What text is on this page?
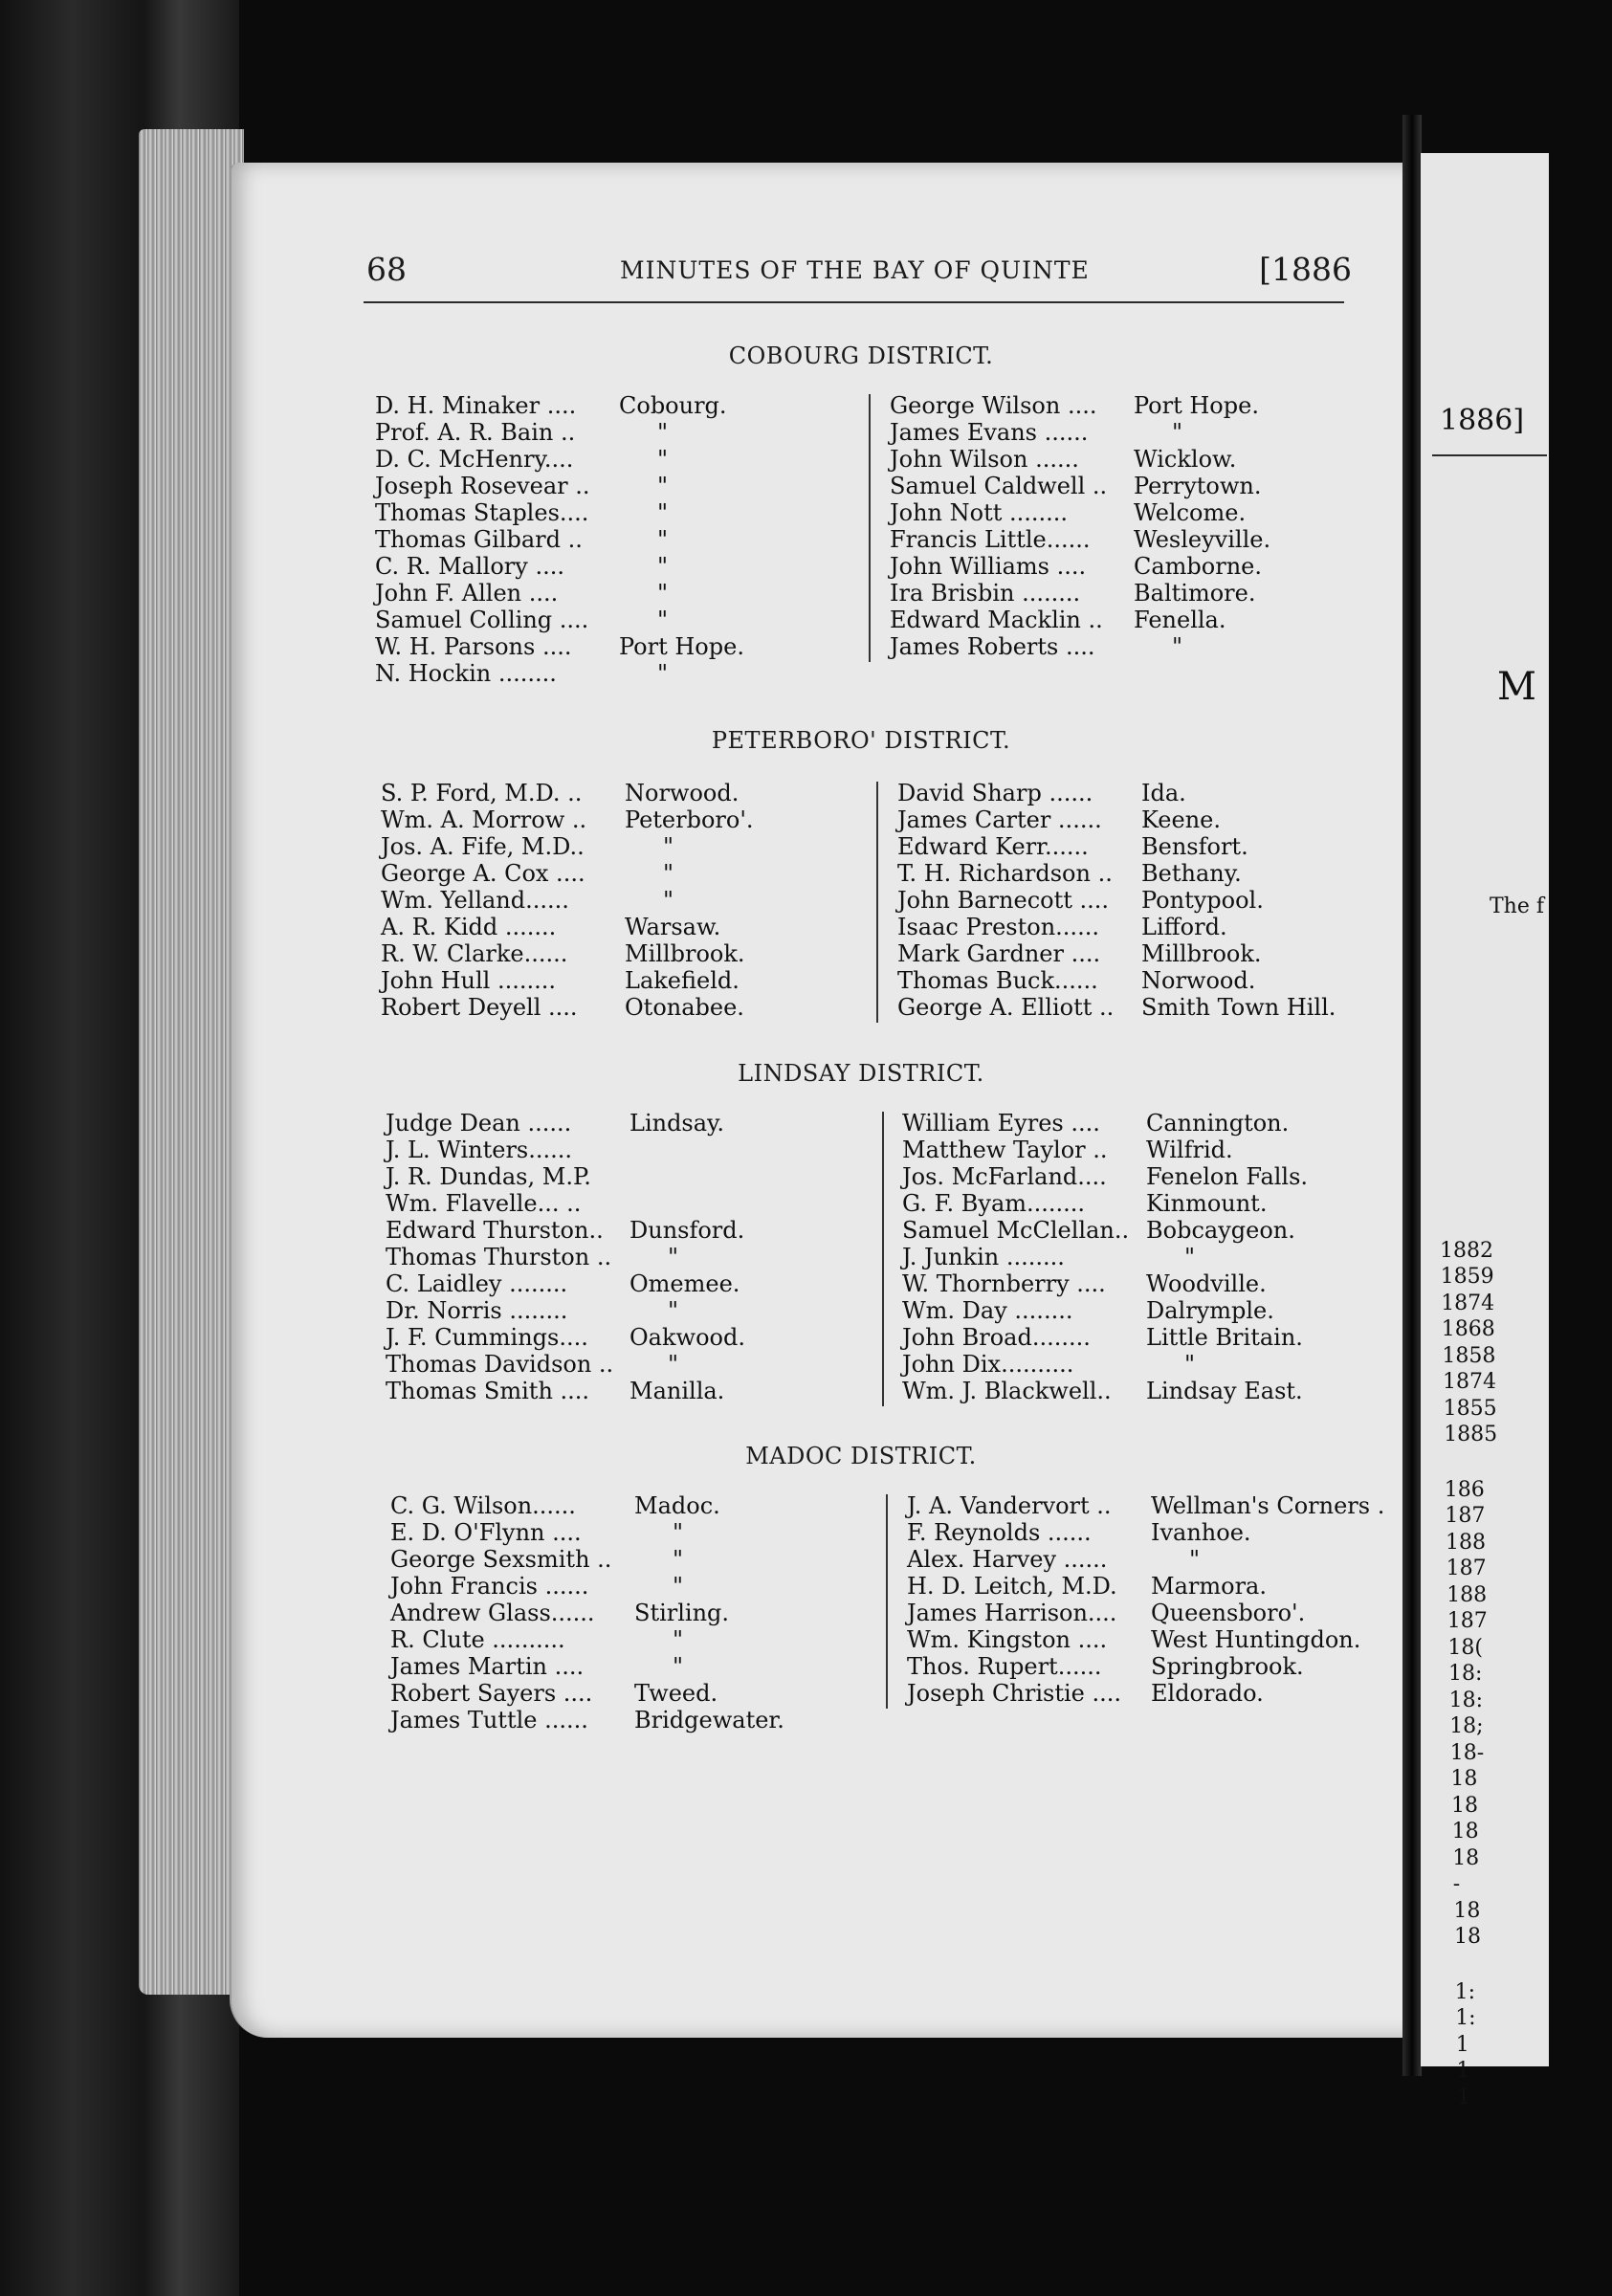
1886]
M
The f
1882
1859
1874
1868
1858
1874
1855
1885
186
187
188
187
188
187
18(
18:
18:
18;
18-
18
18
18
18
-
18
18
1:
1:
1
1
1
68	MINUTES OF THE BAY OF QUINTE	[1886
COBOURG DISTRICT.
D. H. Minaker .... Cobourg.
Prof. A. R. Bain ..	"
D. C. McHenry....	"
Joseph Rosevear ..	"
Thomas Staples....	"
Thomas Gilbard ..	"
C. R. Mallory ....	"
John F. Allen ....	"
Samuel Colling ....	"
W. H. Parsons .... Port Hope.
N. Hockin ........	"
George Wilson .... Port Hope.
James Evans ......	"
John Wilson ...... Wicklow.
Samuel Caldwell .. Perrytown.
John Nott ........	Welcome.
Francis Little...... Wesleyville.
John Williams .... Camborne.
Ira Brisbin ........ Baltimore.
Edward Macklin .. Fenella.
James Roberts ....	"
PETERBORO' DISTRICT.
S. P. Ford, M.D. .. Norwood.
Wm. A. Morrow .. Peterboro'.
Jos. A. Fife, M.D..	"
George A. Cox ....	"
Wm. Yelland......	"
A. R. Kidd .......	Warsaw.
R. W. Clarke...... Millbrook.
John Hull ........	Lakefield.
Robert Deyell .... Otonabee.
David Sharp ...... Ida.
James Carter ...... Keene.
Edward Kerr...... Bensfort.
T. H. Richardson .. Bethany.
John Barnecott .... Pontypool.
Isaac Preston...... Lifford.
Mark Gardner .... Millbrook.
Thomas Buck...... Norwood.
George A. Elliott .. Smith Town Hill.
LINDSAY DISTRICT.
Judge Dean ......	Lindsay.
J. L. Winters......
J. R. Dundas, M.P.
Wm. Flavelle... ..
Edward Thurston.. Dunsford.
Thomas Thurston .. "
C. Laidley ........	Omemee.
Dr. Norris ........	"
J. F. Cummings.... Oakwood.
Thomas Davidson .. "
Thomas Smith .... Manilla.
William Eyres .... Cannington.
Matthew Taylor .. Wilfrid.
Jos. McFarland.... Fenelon Falls.
G. F. Byam........	Kinmount.
Samuel McClellan.. Bobcaygeon.
J. Junkin ........	"
W. Thornberry .... Woodville.
Wm. Day ........	Dalrymple.
John Broad........ Little Britain.
John Dix..........	"
Wm. J. Blackwell.. Lindsay East.
MADOC DISTRICT.
C. G. Wilson......	Madoc.
E. D. O'Flynn ....	"
George Sexsmith ..	"
John Francis ......	"
Andrew Glass...... Stirling.
R. Clute ..........	"
James Martin ....	"
Robert Sayers .... Tweed.
James Tuttle ...... Bridgewater.
J. A. Vandervort .. Wellman's Corners .
F. Reynolds ......	Ivanhoe.
Alex. Harvey ......	"
H. D. Leitch, M.D. Marmora.
James Harrison.... Queensboro'.
Wm. Kingston .... West Huntingdon.
Thos. Rupert...... Springbrook.
Joseph Christie .... Eldorado.
